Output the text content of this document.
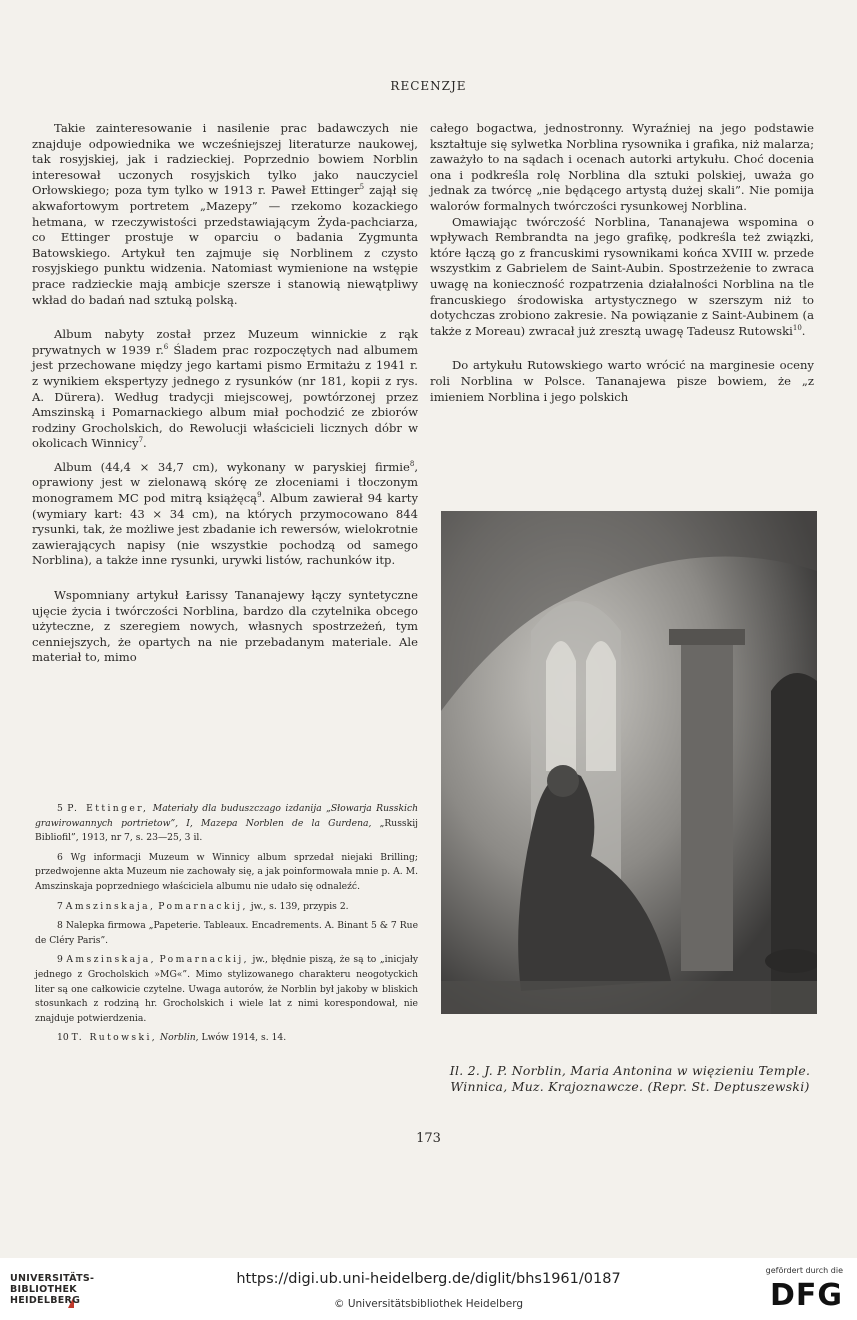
RECENZJE

Takie zainteresowanie i nasilenie prac badawczych nie znajduje odpowiednika we wcześniejszej literaturze naukowej, tak rosyjskiej, jak i radzieckiej. Poprzednio bowiem Norblin interesował uczonych rosyjskich tylko jako nauczyciel Orłowskiego; poza tym tylko w 1913 r. Paweł Ettinger$^5$ zajął się akwafortowym portretem „Mazepy” — rzekomo kozackiego hetmana, w rzeczywistości przedstawiającym Żyda-pachciarza, co Ettinger prostuje w oparciu o badania Zygmunta Batowskiego. Artykuł ten zajmuje się Norblinem z czysto rosyjskiego punktu widzenia. Natomiast wymienione na wstępie prace radzieckie mają ambicje szersze i stanowią niewątpliwy wkład do badań nad sztuką polską.

Album nabyty został przez Muzeum winnickie z rąk prywatnych w 1939 r.$^6$ Śladem prac rozpoczętych nad albumem jest przechowane między jego kartami pismo Ermitażu z 1941 r. z wynikiem ekspertyzy jednego z rysunków (nr 181, kopii z rys. A. Dürera). Według tradycji miejscowej, powtórzonej przez Amszinską i Pomarnackiego album miał pochodzić ze zbiorów rodziny Grocholskich, do Rewolucji właścicieli licznych dóbr w okolicach Winnicy$^7$.

Album (44,4 × 34,7 cm), wykonany w paryskiej firmie$^8$, oprawiony jest w zielonawą skórę ze złoceniami i tłoczonym monogramem MC pod mitrą książęcą$^9$. Album zawierał 94 karty (wymiary kart: 43 × 34 cm), na których przymocowano 844 rysunki, tak, że możliwe jest zbadanie ich rewersów, wielokrotnie zawierających napisy (nie wszystkie pochodzą od samego Norblina), a także inne rysunki, urywki listów, rachunków itp.

Wspomniany artykuł Łarissy Tananajewy łączy syntetyczne ujęcie życia i twórczości Norblina, bardzo dla czytelnika obcego użyteczne, z szeregiem nowych, własnych spostrzeżeń, tym cenniejszych, że opartych na nie przebadanym materiale. Ale materiał to, mimo

całego bogactwa, jednostronny. Wyraźniej na jego podstawie kształtuje się sylwetka Norblina rysownika i grafika, niż malarza; zaważyło to na sądach i ocenach autorki artykułu. Choć docenia ona i podkreśla rolę Norblina dla sztuki polskiej, uważa go jednak za twórcę „nie będącego artystą dużej skali”. Nie pomija walorów formalnych twórczości rysunkowej Norblina.

Omawiając twórczość Norblina, Tananajewa wspomina o wpływach Rembrandta na jego grafikę, podkreśla też związki, które łączą go z francuskimi rysownikami końca XVIII w. przede wszystkim z Gabrielem de Saint-Aubin. Spostrzeżenie to zwraca uwagę na konieczność rozpatrzenia działalności Norblina na tle francuskiego środowiska artystycznego w szerszym niż to dotychczas zrobiono zakresie. Na powiązanie z Saint-Aubinem (a także z Moreau) zwracał już zresztą uwagę Tadeusz Rutowski$^{10}$.

Do artykułu Rutowskiego warto wrócić na marginesie oceny roli Norblina w Polsce. Tananajewa pisze bowiem, że „z imieniem Norblina i jego polskich

5 P. Ettinger, Materiały dla buduszczago izdanija „Słowarja Russkich grawirowannych portrietow”, I, Mazepa Norblen de la Gurdena, „Russkij Bibliofil”, 1913, nr 7, s. 23—25, 3 il.

6 Wg informacji Muzeum w Winnicy album sprzedał niejaki Brilling; przedwojenne akta Muzeum nie zachowały się, a jak poinformowała mnie p. A. M. Amszinskaja poprzedniego właściciela albumu nie udało się odnaleźć.

7 Amszinskaja, Pomarnackij, jw., s. 139, przypis 2.

8 Nalepka firmowa „Papeterie. Tableaux. Encadrements. A. Binant 5 & 7 Rue de Cléry Paris”.

9 Amszinskaja, Pomarnackij, jw., błędnie piszą, że są to „inicjały jednego z Grocholskich »MG«”. Mimo stylizowanego charakteru neogotyckich liter są one całkowicie czytelne. Uwaga autorów, że Norblin był jakoby w bliskich stosunkach z rodziną hr. Grocholskich i wiele lat z nimi korespondował, nie znajduje potwierdzenia.

10 T. Rutowski, Norblin, Lwów 1914, s. 14.

Il. 2. J. P. Norblin, Maria Antonina w więzieniu Temple. Winnica, Muz. Krajoznawcze. (Repr. St. Deptuszewski)
173
UNIVERSITÄTS-
BIBLIOTHEK
HEIDELBERG
https://digi.ub.uni-heidelberg.de/diglit/bhs1961/0187
© Universitätsbibliothek Heidelberg
gefördert durch die
DFG
